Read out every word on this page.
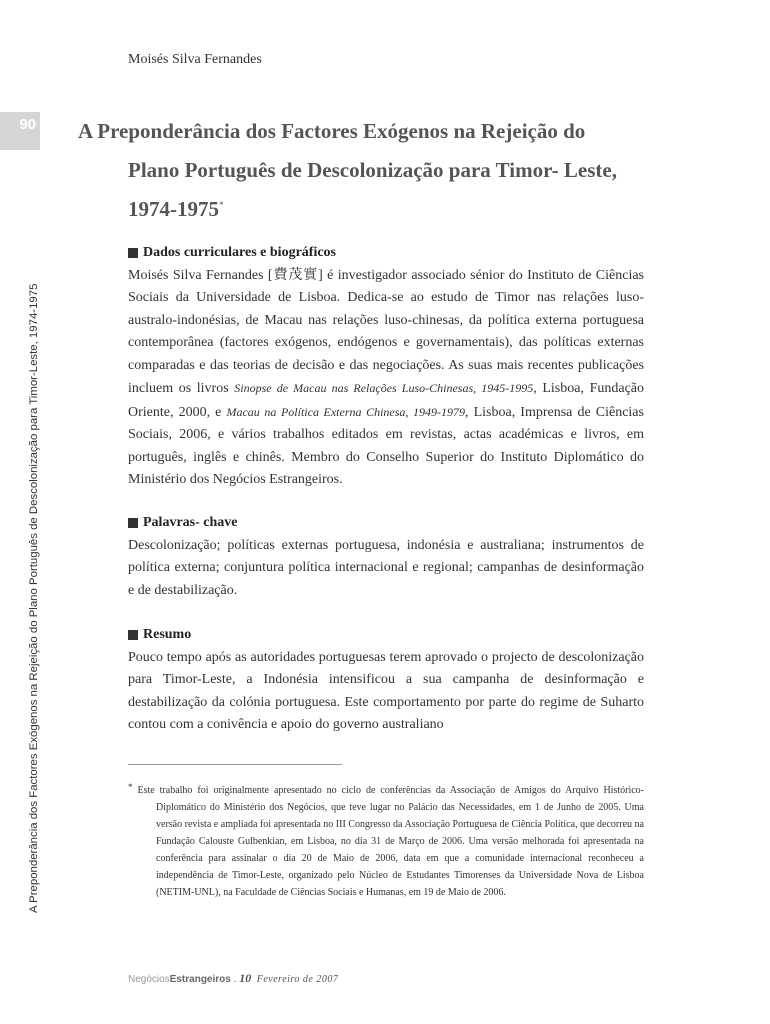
Moisés Silva Fernandes
90
A Preponderância dos Factores Exógenos na Rejeição do Plano Português de Descolonização para Timor-Leste, 1974-1975
A Preponderância dos Factores Exógenos na Rejeição do
Plano Português de Descolonização para Timor- Leste,
1974-1975*
Dados curriculares e biográficos
Moisés Silva Fernandes [費茂實] é investigador associado sénior do Instituto de Ciências Sociais da Universidade de Lisboa. Dedica-se ao estudo de Timor nas relações luso-australo-indonésias, de Macau nas relações luso-chinesas, da política externa portuguesa contemporânea (factores exógenos, endógenos e governamentais), das políticas externas comparadas e das teorias de decisão e das negociações. As suas mais recentes publicações incluem os livros Sinopse de Macau nas Relações Luso-Chinesas, 1945-1995, Lisboa, Fundação Oriente, 2000, e Macau na Política Externa Chinesa, 1949-1979, Lisboa, Imprensa de Ciências Sociais, 2006, e vários trabalhos editados em revistas, actas académicas e livros, em português, inglês e chinês. Membro do Conselho Superior do Instituto Diplomático do Ministério dos Negócios Estrangeiros.
Palavras- chave
Descolonização; políticas externas portuguesa, indonésia e australiana; instrumentos de política externa; conjuntura política internacional e regional; campanhas de desinformação e de destabilização.
Resumo
Pouco tempo após as autoridades portuguesas terem aprovado o projecto de descolonização para Timor-Leste, a Indonésia intensificou a sua campanha de desinformação e destabilização da colónia portuguesa. Este comportamento por parte do regime de Suharto contou com a conivência e apoio do governo australiano
* Este trabalho foi originalmente apresentado no ciclo de conferências da Associação de Amigos do Arquivo Histórico-Diplomático do Ministério dos Negócios, que teve lugar no Palácio das Necessidades, em 1 de Junho de 2005. Uma versão revista e ampliada foi apresentada no III Congresso da Associação Portuguesa de Ciência Política, que decorreu na Fundação Calouste Gulbenkian, em Lisboa, no dia 31 de Março de 2006. Uma versão melhorada foi apresentada na conferência para assinalar o dia 20 de Maio de 2006, data em que a comunidade internacional reconheceu a independência de Timor-Leste, organizado pelo Núcleo de Estudantes Timorenses da Universidade Nova de Lisboa (NETIM-UNL), na Faculdade de Ciências Sociais e Humanas, em 19 de Maio de 2006.
NegóciosEstrangeiros . 10 Fevereiro de 2007
